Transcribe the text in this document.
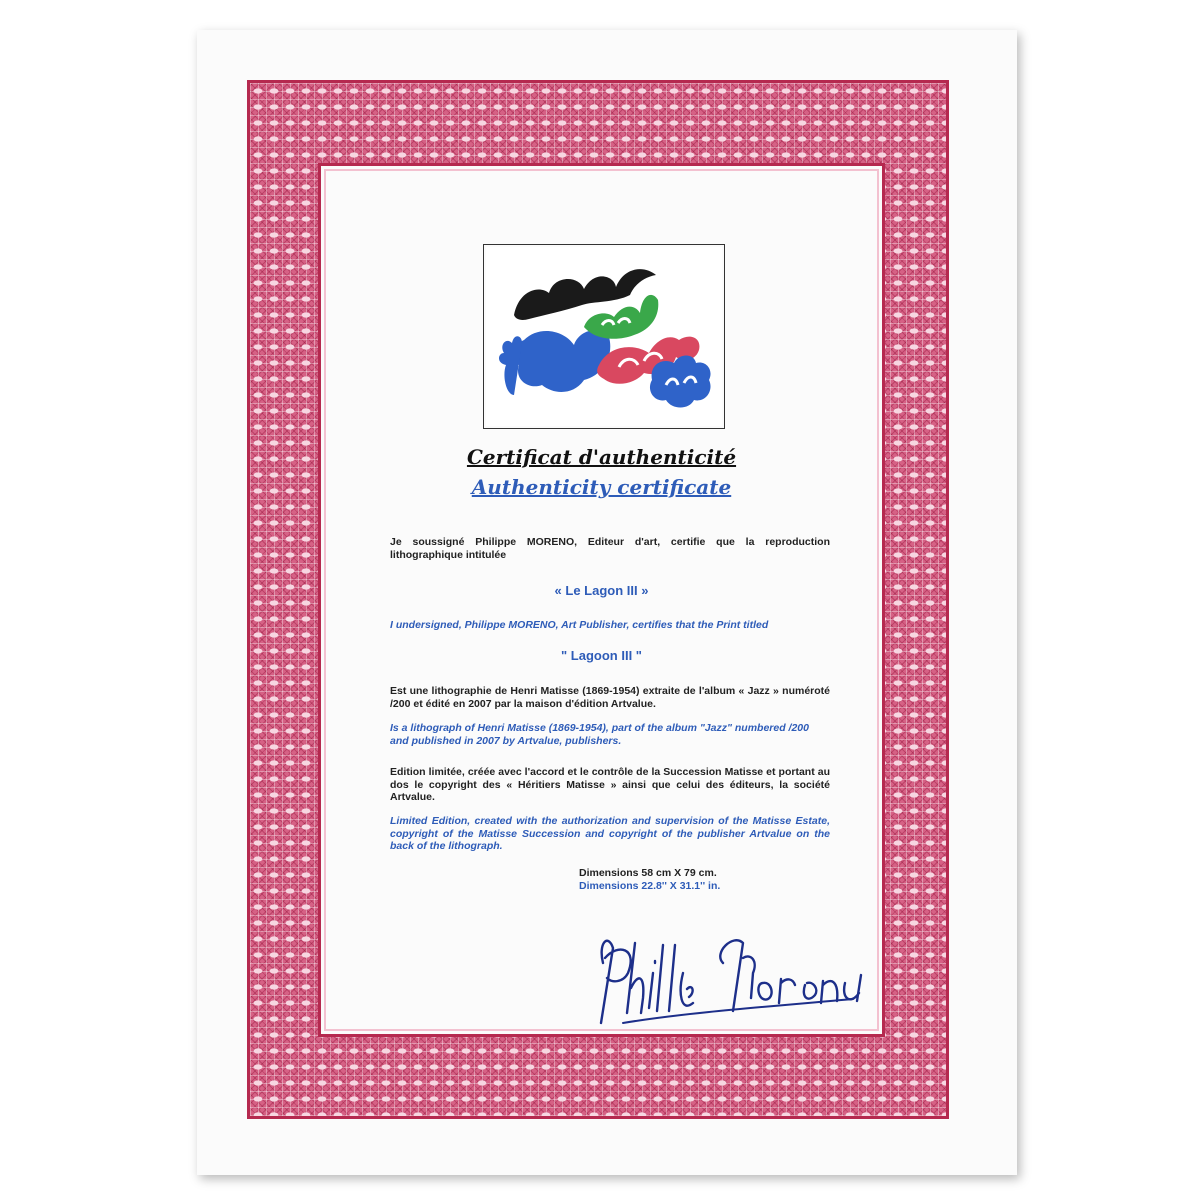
Certificat d'authenticité
Authenticity certificate
Je soussigné Philippe MORENO, Editeur d'art, certifie que la reproduction lithographique intitulée
« Le Lagon III »
I undersigned, Philippe MORENO, Art Publisher, certifies that the Print titled
" Lagoon III "
Est une lithographie de Henri Matisse (1869-1954) extraite de l'album « Jazz » numéroté /200 et édité en 2007 par la maison d'édition Artvalue.
Is a lithograph of Henri Matisse (1869-1954), part of the album "Jazz" numbered /200 and published in 2007 by Artvalue, publishers.
Edition limitée, créée avec l'accord et le contrôle de la Succession Matisse et portant au dos le copyright des « Héritiers Matisse » ainsi que celui des éditeurs, la société Artvalue.
Limited Edition, created with the authorization and supervision of the Matisse Estate, copyright of the Matisse Succession and copyright of the publisher Artvalue on the back of the lithograph.
Dimensions 58 cm X 79 cm.
Dimensions 22.8'' X 31.1'' in.
